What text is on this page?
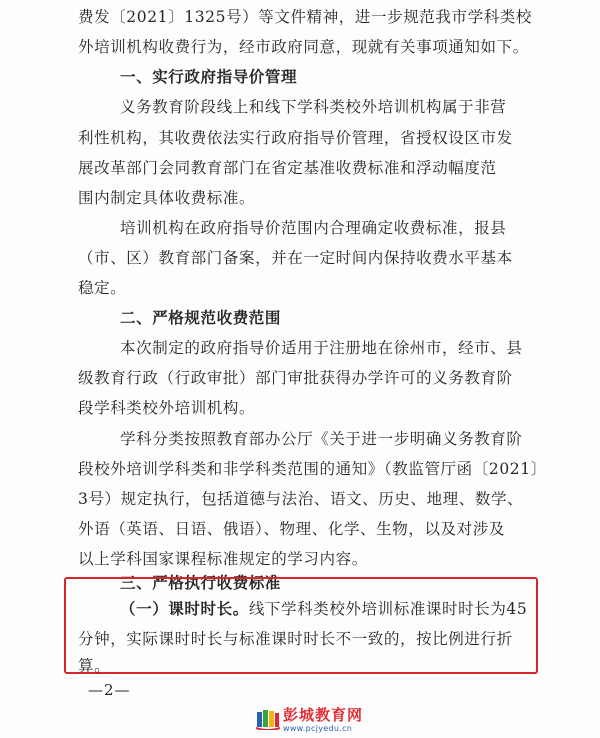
费发〔2021〕1325号）等文件精神，进一步规范我市学科类校
外培训机构收费行为，经市政府同意，现就有关事项通知如下。
一、实行政府指导价管理
义务教育阶段线上和线下学科类校外培训机构属于非营
利性机构，其收费依法实行政府指导价管理，省授权设区市发
展改革部门会同教育部门在省定基准收费标准和浮动幅度范
围内制定具体收费标准。
培训机构在政府指导价范围内合理确定收费标准，报县
（市、区）教育部门备案，并在一定时间内保持收费水平基本
稳定。
二、严格规范收费范围
本次制定的政府指导价适用于注册地在徐州市，经市、县
级教育行政（行政审批）部门审批获得办学许可的义务教育阶
段学科类校外培训机构。
学科分类按照教育部办公厅《关于进一步明确义务教育阶
段校外培训学科类和非学科类范围的通知》（教监管厅函〔2021〕
3号）规定执行，包括道德与法治、语文、历史、地理、数学、
外语（英语、日语、俄语）、物理、化学、生物，以及对涉及
以上学科国家课程标准规定的学习内容。
三、严格执行收费标准
（一）课时时长。线下学科类校外培训标准课时时长为45
分钟，实际课时时长与标准课时时长不一致的，按比例进行折
算。
—2—
彭城教育网
www.pcjyedu.cn
